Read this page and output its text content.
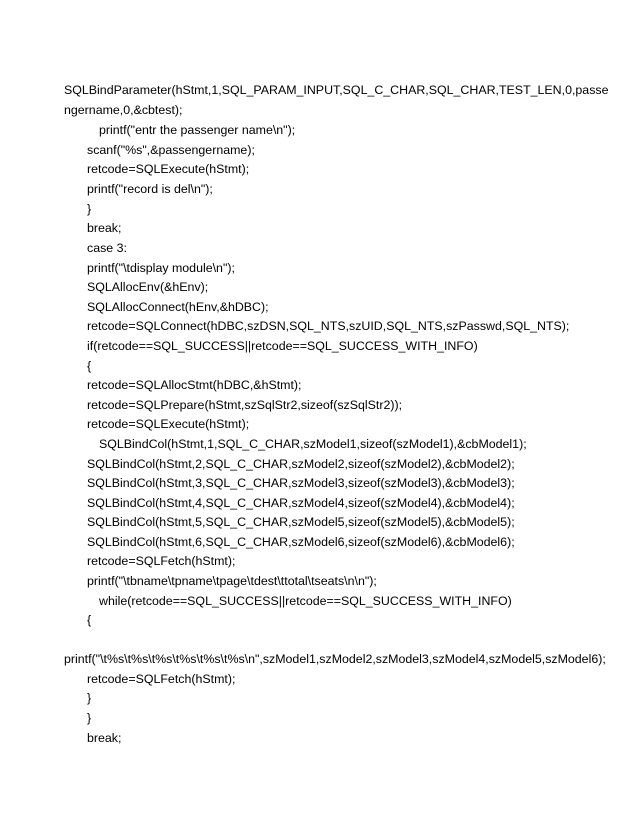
SQLBindParameter(hStmt,1,SQL_PARAM_INPUT,SQL_C_CHAR,SQL_CHAR,TEST_LEN,0,passe
ngername,0,&cbtest);
printf("entr the passenger name\n");
scanf("%s",&passengername);
retcode=SQLExecute(hStmt);
printf("record is del\n");
}
break;
case 3:
printf("\tdisplay module\n");
SQLAllocEnv(&hEnv);
SQLAllocConnect(hEnv,&hDBC);
retcode=SQLConnect(hDBC,szDSN,SQL_NTS,szUID,SQL_NTS,szPasswd,SQL_NTS);
if(retcode==SQL_SUCCESS||retcode==SQL_SUCCESS_WITH_INFO)
{
retcode=SQLAllocStmt(hDBC,&hStmt);
retcode=SQLPrepare(hStmt,szSqlStr2,sizeof(szSqlStr2));
retcode=SQLExecute(hStmt);
SQLBindCol(hStmt,1,SQL_C_CHAR,szModel1,sizeof(szModel1),&cbModel1);
SQLBindCol(hStmt,2,SQL_C_CHAR,szModel2,sizeof(szModel2),&cbModel2);
SQLBindCol(hStmt,3,SQL_C_CHAR,szModel3,sizeof(szModel3),&cbModel3);
SQLBindCol(hStmt,4,SQL_C_CHAR,szModel4,sizeof(szModel4),&cbModel4);
SQLBindCol(hStmt,5,SQL_C_CHAR,szModel5,sizeof(szModel5),&cbModel5);
SQLBindCol(hStmt,6,SQL_C_CHAR,szModel6,sizeof(szModel6),&cbModel6);
retcode=SQLFetch(hStmt);
printf("\tbname\tpname\tpage\tdest\ttotal\tseats\n\n");
while(retcode==SQL_SUCCESS||retcode==SQL_SUCCESS_WITH_INFO)
{
printf("\t%s\t%s\t%s\t%s\t%s\t%s\n",szModel1,szModel2,szModel3,szModel4,szModel5,szModel6);
retcode=SQLFetch(hStmt);
}
}
break;
